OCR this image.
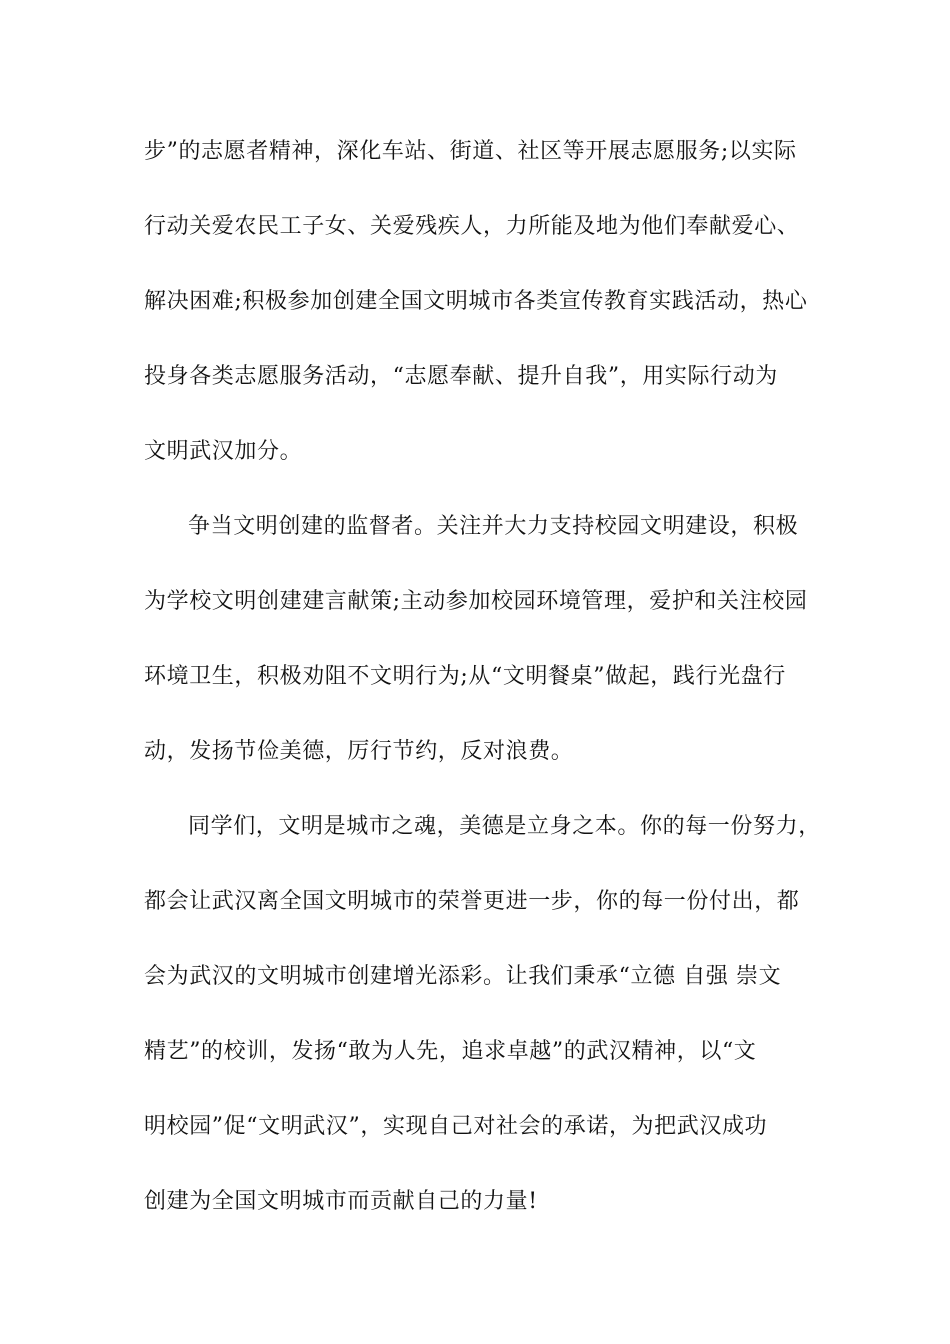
步”的志愿者精神，深化车站、街道、社区等开展志愿服务;以实际
行动关爱农民工子女、关爱残疾人，力所能及地为他们奉献爱心、
解决困难;积极参加创建全国文明城市各类宣传教育实践活动，热心
投身各类志愿服务活动，“志愿奉献、提升自我”，用实际行动为
文明武汉加分。
争当文明创建的监督者。关注并大力支持校园文明建设，积极
为学校文明创建建言献策;主动参加校园环境管理，爱护和关注校园
环境卫生，积极劝阻不文明行为;从“文明餐桌”做起，践行光盘行
动，发扬节俭美德，厉行节约，反对浪费。
同学们，文明是城市之魂，美德是立身之本。你的每一份努力，
都会让武汉离全国文明城市的荣誉更进一步，你的每一份付出，都
会为武汉的文明城市创建增光添彩。让我们秉承“立德 自强 崇文
精艺”的校训，发扬“敢为人先，追求卓越”的武汉精神，以“文
明校园”促“文明武汉”，实现自己对社会的承诺，为把武汉成功
创建为全国文明城市而贡献自己的力量!
